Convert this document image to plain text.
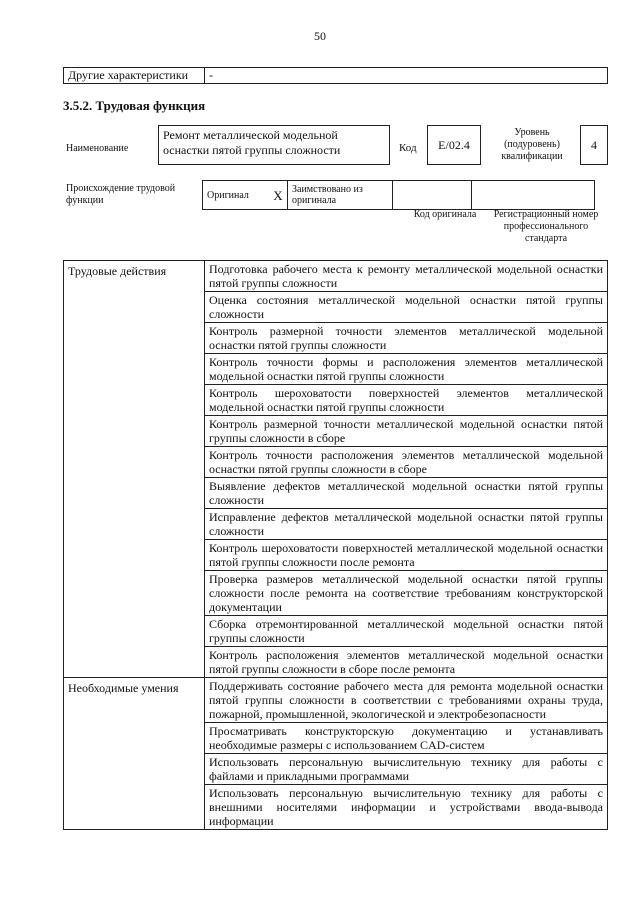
50
Другие характеристики	-
3.5.2. Трудовая функция
Наименование
Ремонт металлической модельной оснастки пятой группы сложности	Код	E/02.4
Уровень (подуровень) квалификации
4
Происхождение трудовой функции	Оригинал	X	Заимствовано из оригинала		
Код оригинала	Регистрационный номер профессионального стандарта
Трудовые действия	Подготовка рабочего места к ремонту металлической модельной оснастки пятой группы сложности
	Оценка состояния металлической модельной оснастки пятой группы сложности
	Контроль размерной точности элементов металлической модельной оснастки пятой группы сложности
	Контроль точности формы и расположения элементов металлической модельной оснастки пятой группы сложности
	Контроль шероховатости поверхностей элементов металлической модельной оснастки пятой группы сложности
	Контроль размерной точности металлической модельной оснастки пятой группы сложности в сборе
	Контроль точности расположения элементов металлической модельной оснастки пятой группы сложности в сборе
	Выявление дефектов металлической модельной оснастки пятой группы сложности
	Исправление дефектов металлической модельной оснастки пятой группы сложности
	Контроль шероховатости поверхностей металлической модельной оснастки пятой группы сложности после ремонта
	Проверка размеров металлической модельной оснастки пятой группы сложности после ремонта на соответствие требованиям конструкторской документации
	Сборка отремонтированной металлической модельной оснастки пятой группы сложности
	Контроль расположения элементов металлической модельной оснастки пятой группы сложности в сборе после ремонта
Необходимые умения	Поддерживать состояние рабочего места для ремонта модельной оснастки пятой группы сложности в соответствии с требованиями охраны труда, пожарной, промышленной, экологической и электробезопасности
	Просматривать конструкторскую документацию и устанавливать необходимые размеры с использованием CAD-систем
	Использовать персональную вычислительную технику для работы с файлами и прикладными программами
	Использовать персональную вычислительную технику для работы с внешними носителями информации и устройствами ввода-вывода информации
